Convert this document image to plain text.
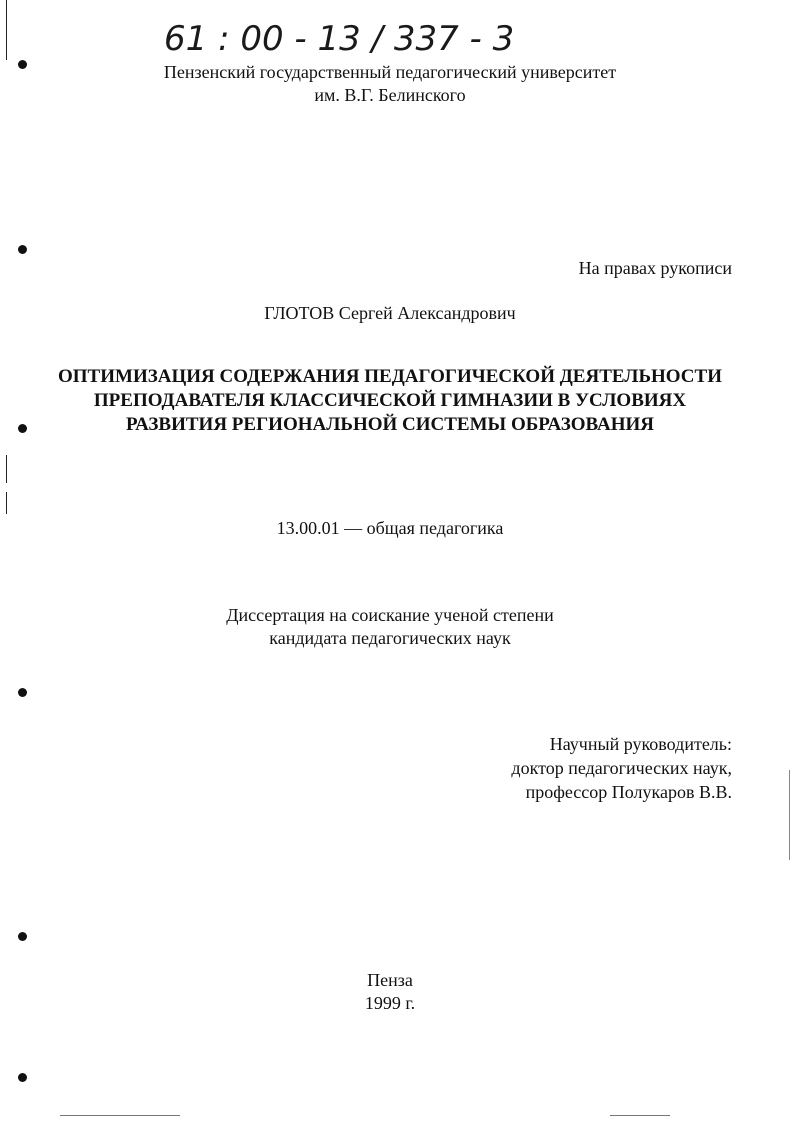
61 : 00 - 13 / 337 - 3
Пензенский государственный педагогический университет
им. В.Г. Белинского
На правах рукописи
ГЛОТОВ Сергей Александрович
ОПТИМИЗАЦИЯ СОДЕРЖАНИЯ ПЕДАГОГИЧЕСКОЙ ДЕЯТЕЛЬНОСТИ
ПРЕПОДАВАТЕЛЯ КЛАССИЧЕСКОЙ ГИМНАЗИИ В УСЛОВИЯХ
РАЗВИТИЯ РЕГИОНАЛЬНОЙ СИСТЕМЫ ОБРАЗОВАНИЯ
13.00.01 — общая педагогика
Диссертация на соискание ученой степени
кандидата педагогических наук
Научный руководитель:
доктор педагогических наук,
профессор Полукаров В.В.
Пенза
1999 г.
